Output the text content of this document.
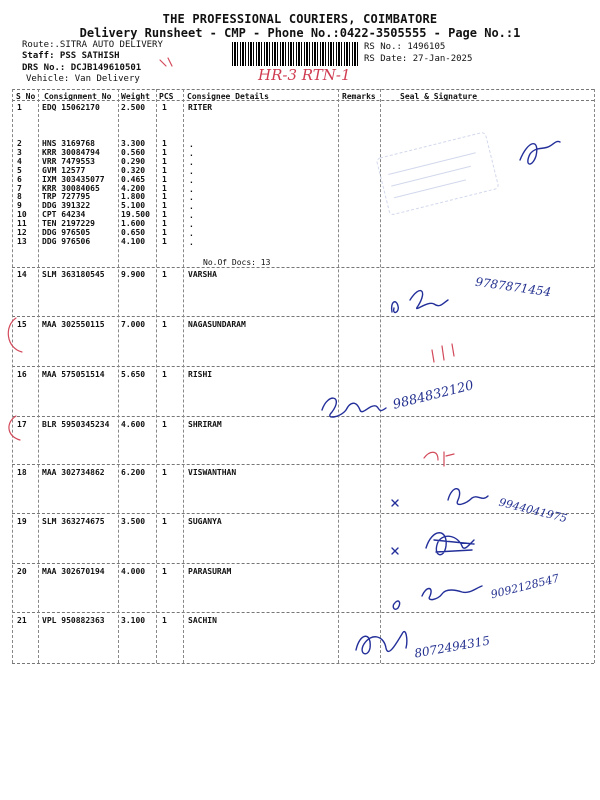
THE PROFESSIONAL COURIERS, COIMBATORE
Delivery Runsheet - CMP - Phone No.:0422-3505555 - Page No.:1
Route:.SITRA AUTO DELIVERY
Staff: PSS SATHISH
DRS No.: DCJB149610501
Vehicle: Van Delivery
RS No.: 1496105
RS Date: 27-Jan-2025
HR-3 RTN-1
S No Consignment No Weight PCS Consignee Details	Remarks	Seal & Signature
1	EDQ 15062170	2.500 1	RITER
2	HNS 3169768	3.300 1	.
3	KRR 30084794	0.560 1	.
4	VRR 7479553	0.290 1	.
5	GVM 12577	0.320 1	.
6	IXM 303435077 0.465 1	.
7	KRR 30084065	4.200 1	.
8	TRP 727795	1.800 1	.
9	DDG 391322	5.100 1	.
10 CPT 64234	19.500 1	.
11 TEN 2197229	1.600 1	.
12 DDG 976505	0.650 1	.
13 DDG 976506	4.100 1	.
No.Of Docs: 13
14 SLM 363180545 9.900 1	VARSHA
15 MAA 302550115 7.000 1	NAGASUNDARAM
16 MAA 575051514 5.650 1	RISHI
17 BLR 5950345234 4.600 1	SHRIRAM
18 MAA 302734862 6.200 1	VISWANTHAN
19 SLM 363274675 3.500 1	SUGANYA
20 MAA 302670194 4.000 1	PARASURAM
21 VPL 950882363 3.100 1	SACHIN
9787871454
9884832120
9944041975
9092128547
8072494315
